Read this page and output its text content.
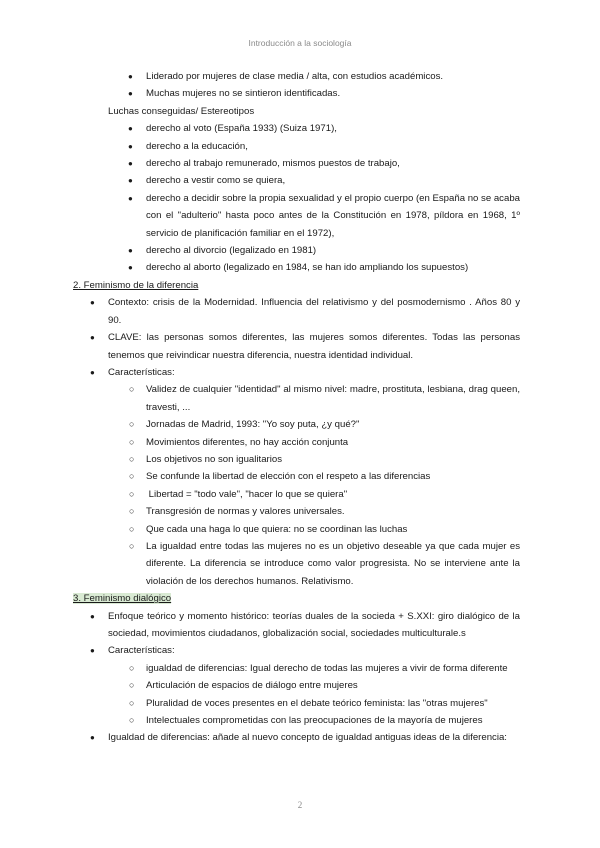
Introducción a la sociología
● Liderado por mujeres de clase media / alta, con estudios académicos.
● Muchas mujeres no se sintieron identificadas.
Luchas conseguidas/ Estereotipos
● derecho al voto (España 1933) (Suiza 1971),
● derecho a la educación,
● derecho al trabajo remunerado, mismos puestos de trabajo,
● derecho a vestir como se quiera,
● derecho a decidir sobre la propia sexualidad y el propio cuerpo (en España no se acaba con el "adulterio" hasta poco antes de la Constitución en 1978, píldora en 1968, 1º servicio de planificación familiar en el 1972),
● derecho al divorcio (legalizado en 1981)
● derecho al aborto (legalizado en 1984, se han ido ampliando los supuestos)
2. Feminismo de la diferencia
● Contexto: crisis de la Modernidad. Influencia del relativismo y del posmodernismo . Años 80 y 90.
● CLAVE: las personas somos diferentes, las mujeres somos diferentes. Todas las personas tenemos que reivindicar nuestra diferencia, nuestra identidad individual.
● Características:
○ Validez de cualquier "identidad" al mismo nivel: madre, prostituta, lesbiana, drag queen, travesti, ...
○ Jornadas de Madrid, 1993: "Yo soy puta, ¿y qué?"
○ Movimientos diferentes, no hay acción conjunta
○ Los objetivos no son igualitarios
○ Se confunde la libertad de elección con el respeto a las diferencias
○ Libertad = "todo vale", "hacer lo que se quiera"
○ Transgresión de normas y valores universales.
○ Que cada una haga lo que quiera: no se coordinan las luchas
○ La igualdad entre todas las mujeres no es un objetivo deseable ya que cada mujer es diferente. La diferencia se introduce como valor progresista. No se interviene ante la violación de los derechos humanos. Relativismo.
3. Feminismo dialógico
● Enfoque teórico y momento histórico: teorías duales de la socieda + S.XXI: giro dialógico de la sociedad, movimientos ciudadanos, globalización social, sociedades multiculturale.s
● Características:
○ igualdad de diferencias: Igual derecho de todas las mujeres a vivir de forma diferente
○ Articulación de espacios de diálogo entre mujeres
○ Pluralidad de voces presentes en el debate teórico feminista: las "otras mujeres"
○ Intelectuales comprometidas con las preocupaciones de la mayoría de mujeres
● Igualdad de diferencias: añade al nuevo concepto de igualdad antiguas ideas de la diferencia:
2
